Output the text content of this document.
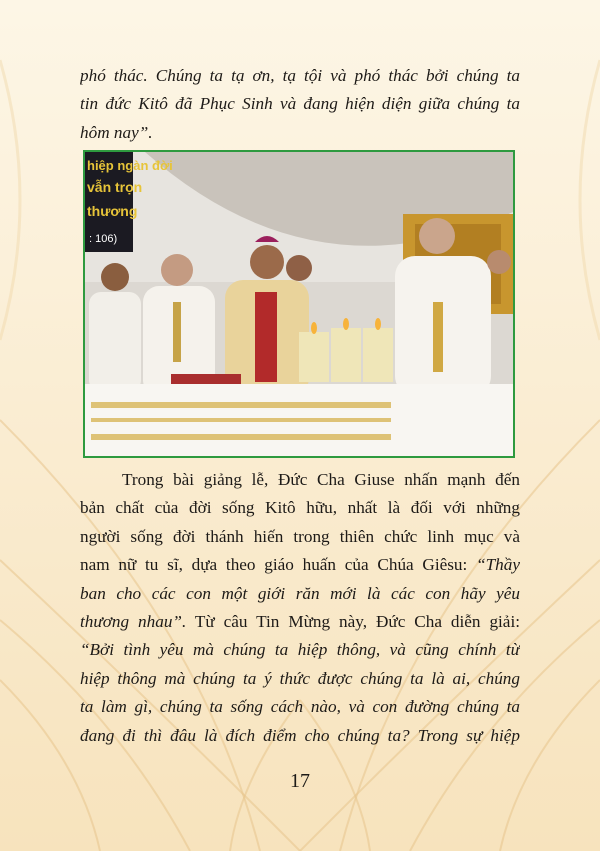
phó thác. Chúng ta tạ ơn, tạ tội và phó thác bởi chúng ta
tin đức Kitô đã Phục Sinh và đang hiện diện giữa chúng ta
hôm nay”.

hiệp ngàn đời
vẫn trọn
thương
: 106)

Trong bài giảng lễ, Đức Cha Giuse nhấn mạnh đến
bản chất của đời sống Kitô hữu, nhất là đối với những
người sống đời thánh hiến trong thiên chức linh mục và
nam nữ tu sĩ, dựa theo giáo huấn của Chúa Giêsu: “Thầy
ban cho các con một giới răn mới là các con hãy yêu
thương nhau”. Từ câu Tin Mừng này, Đức Cha diễn giải:
“Bởi tình yêu mà chúng ta hiệp thông, và cũng chính từ
hiệp thông mà chúng ta ý thức được chúng ta là ai, chúng
ta làm gì, chúng ta sống cách nào, và con đường chúng ta
đang đi thì đâu là đích điểm cho chúng ta? Trong sự hiệp

17
